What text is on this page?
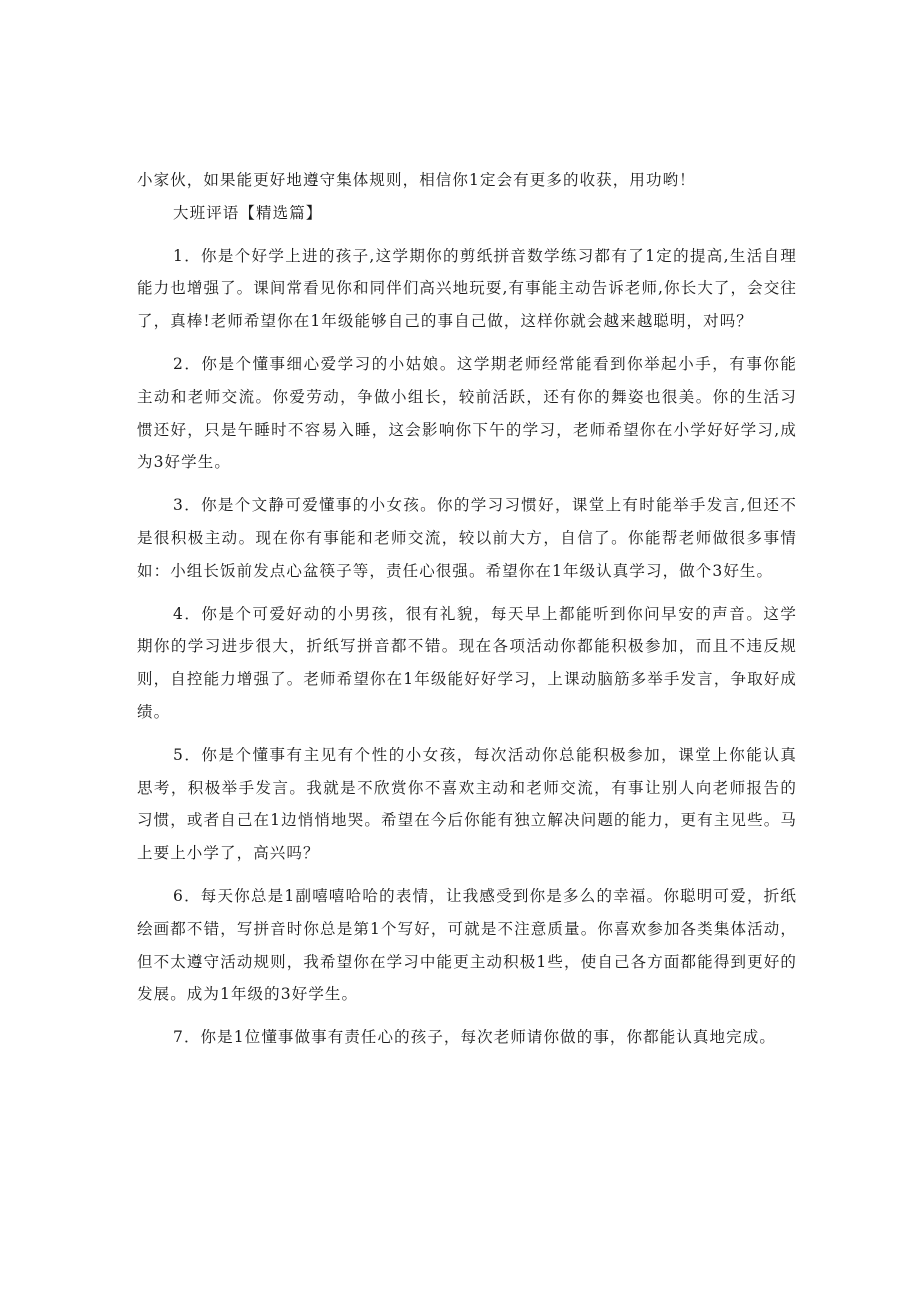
小家伙，如果能更好地遵守集体规则，相信你1定会有更多的收获，用功哟！

大班评语【精选篇】

1．你是个好学上进的孩子,这学期你的剪纸拼音数学练习都有了1定的提高,生活自理能力也增强了。课间常看见你和同伴们高兴地玩耍,有事能主动告诉老师,你长大了，会交往了，真棒!老师希望你在1年级能够自己的事自己做，这样你就会越来越聪明，对吗？

2．你是个懂事细心爱学习的小姑娘。这学期老师经常能看到你举起小手，有事你能主动和老师交流。你爱劳动，争做小组长，较前活跃，还有你的舞姿也很美。你的生活习惯还好，只是午睡时不容易入睡，这会影响你下午的学习，老师希望你在小学好好学习,成为3好学生。

3．你是个文静可爱懂事的小女孩。你的学习习惯好，课堂上有时能举手发言,但还不是很积极主动。现在你有事能和老师交流，较以前大方，自信了。你能帮老师做很多事情如：小组长饭前发点心盆筷子等，责任心很强。希望你在1年级认真学习，做个3好生。

4．你是个可爱好动的小男孩，很有礼貌，每天早上都能听到你问早安的声音。这学期你的学习进步很大，折纸写拼音都不错。现在各项活动你都能积极参加，而且不违反规则，自控能力增强了。老师希望你在1年级能好好学习，上课动脑筋多举手发言，争取好成绩。

5．你是个懂事有主见有个性的小女孩，每次活动你总能积极参加，课堂上你能认真思考，积极举手发言。我就是不欣赏你不喜欢主动和老师交流，有事让别人向老师报告的习惯，或者自己在1边悄悄地哭。希望在今后你能有独立解决问题的能力，更有主见些。马上要上小学了，高兴吗？

6．每天你总是1副嘻嘻哈哈的表情，让我感受到你是多么的幸福。你聪明可爱，折纸绘画都不错，写拼音时你总是第1个写好，可就是不注意质量。你喜欢参加各类集体活动，但不太遵守活动规则，我希望你在学习中能更主动积极1些，使自己各方面都能得到更好的发展。成为1年级的3好学生。

7．你是1位懂事做事有责任心的孩子，每次老师请你做的事，你都能认真地完成。
